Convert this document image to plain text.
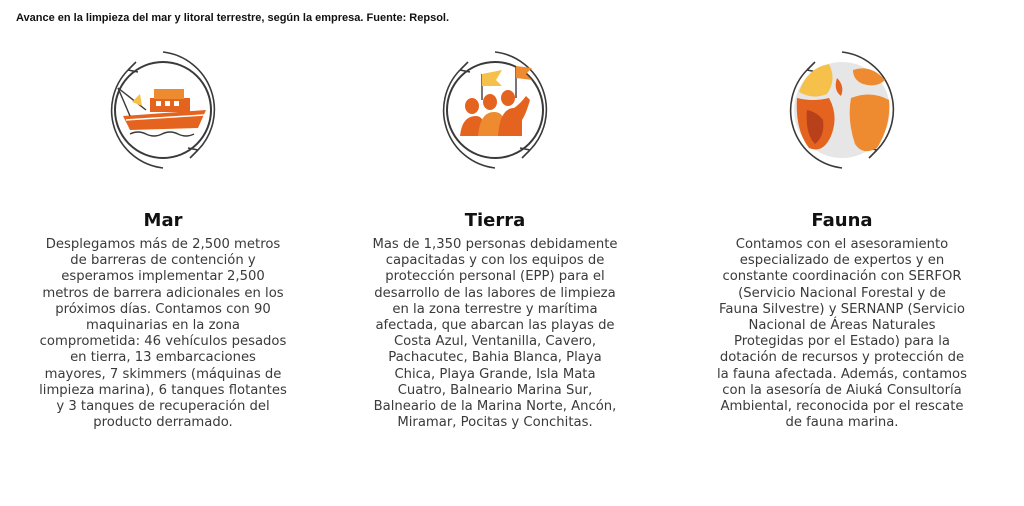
Avance en la limpieza del mar y litoral terrestre, según la empresa. Fuente: Repsol.
Mar
Desplegamos más de 2,500 metros de barreras de contención y esperamos implementar 2,500 metros de barrera adicionales en los próximos días. Contamos con 90 maquinarias en la zona comprometida: 46 vehículos pesados en tierra, 13 embarcaciones mayores, 7 skimmers (máquinas de limpieza marina), 6 tanques flotantes y 3 tanques de recuperación del producto derramado.
Tierra
Mas de 1,350 personas debidamente capacitadas y con los equipos de protección personal (EPP) para el desarrollo de las labores de limpieza en la zona terrestre y marítima afectada, que abarcan las playas de Costa Azul, Ventanilla, Cavero, Pachacutec, Bahia Blanca, Playa Chica, Playa Grande, Isla Mata Cuatro, Balneario Marina Sur, Balneario de la Marina Norte, Ancón, Miramar, Pocitas y Conchitas.
Fauna
Contamos con el asesoramiento especializado de expertos y en constante coordinación con SERFOR (Servicio Nacional Forestal y de Fauna Silvestre) y SERNANP (Servicio Nacional de Áreas Naturales Protegidas por el Estado) para la dotación de recursos y protección de la fauna afectada. Además, contamos con la asesoría de Aiuká Consultoría Ambiental, reconocida por el rescate de fauna marina.
